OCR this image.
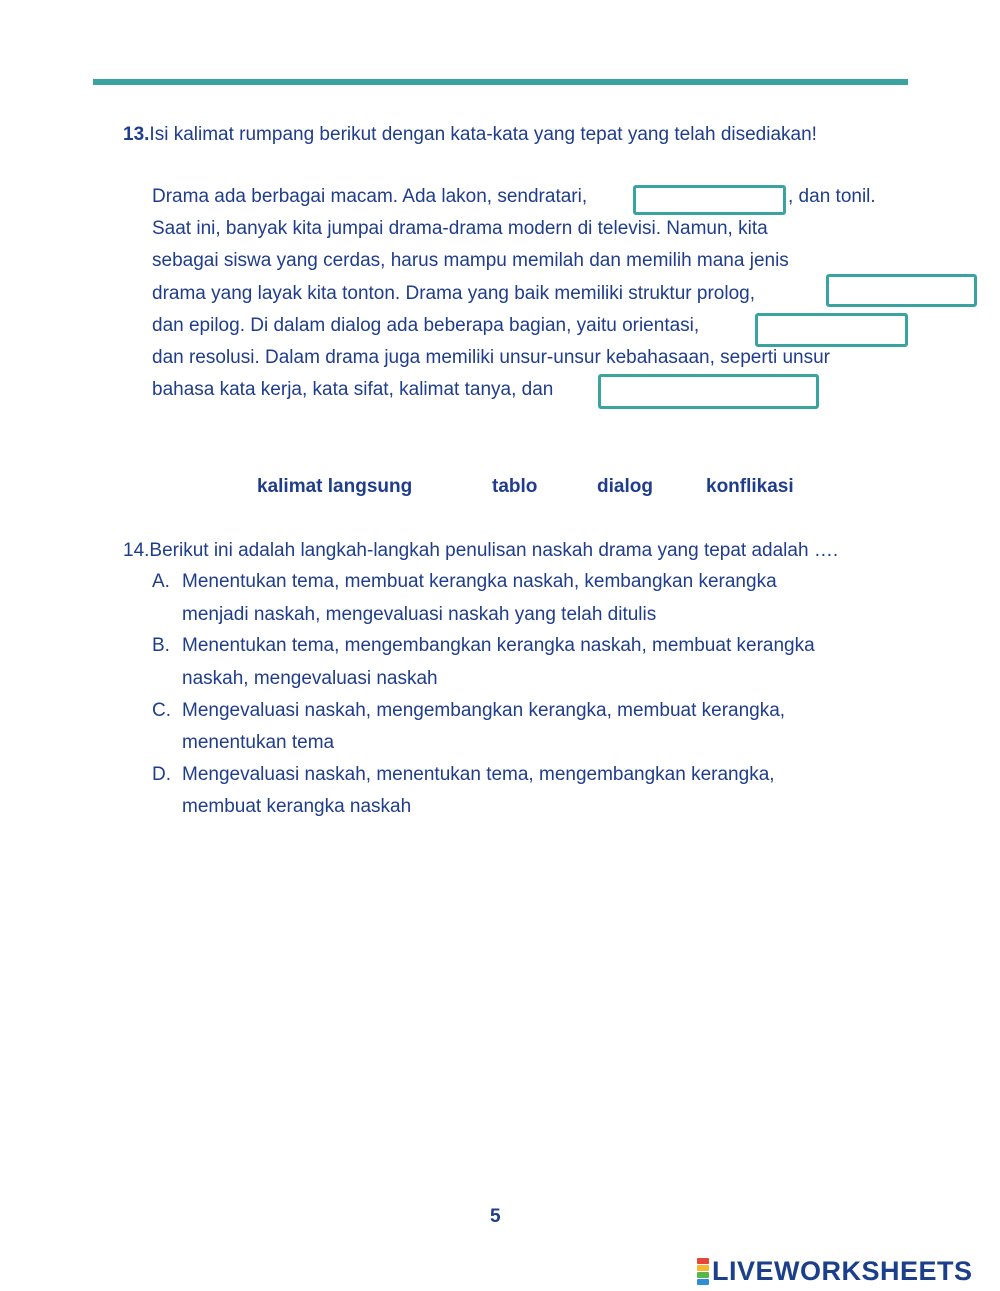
13.Isi kalimat rumpang berikut dengan kata-kata yang tepat yang telah disediakan!
Drama ada berbagai macam. Ada lakon, sendratari,	, dan tonil.
Saat ini, banyak kita jumpai drama-drama modern di televisi. Namun, kita
sebagai siswa yang cerdas, harus mampu memilah dan memilih mana jenis
drama yang layak kita tonton. Drama yang baik memiliki struktur prolog,
dan epilog. Di dalam dialog ada beberapa bagian, yaitu orientasi,
dan resolusi. Dalam drama juga memiliki unsur-unsur kebahasaan, seperti unsur
bahasa kata kerja, kata sifat, kalimat tanya, dan
kalimat langsung	tablo	dialog	konflikasi
14.Berikut ini adalah langkah-langkah penulisan naskah drama yang tepat adalah ….
A. Menentukan tema, membuat kerangka naskah, kembangkan kerangka
menjadi naskah, mengevaluasi naskah yang telah ditulis
B. Menentukan tema, mengembangkan kerangka naskah, membuat kerangka
naskah, mengevaluasi naskah
C. Mengevaluasi naskah, mengembangkan kerangka, membuat kerangka,
menentukan tema
D. Mengevaluasi naskah, menentukan tema, mengembangkan kerangka,
membuat kerangka naskah
5
LIVEWORKSHEETS
